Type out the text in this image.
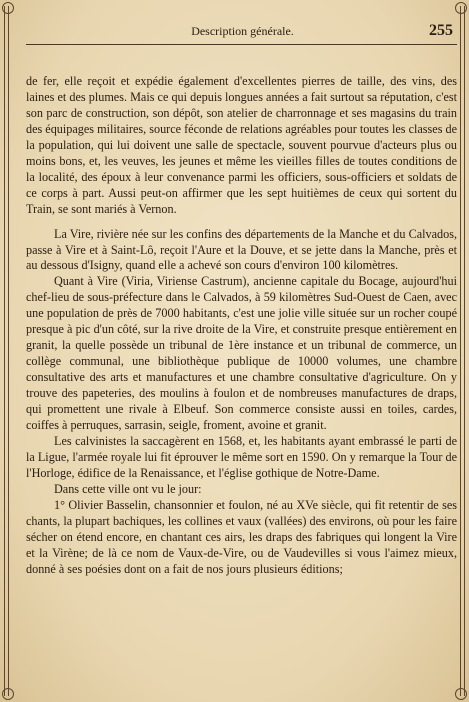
Description générale.	255

de fer, elle reçoit et expédie également d'excellentes pierres de taille, des vins, des laines et des plumes. Mais ce qui depuis longues années a fait surtout sa réputation, c'est son parc de construction, son dépôt, son atelier de charronnage et ses magasins du train des équipages militaires, source féconde de relations agréables pour toutes les classes de la population, qui lui doivent une salle de spectacle, souvent pourvue d'acteurs plus ou moins bons, et, les veuves, les jeunes et même les vieilles filles de toutes conditions de la localité, des époux à leur convenance parmi les officiers, sous-officiers et soldats de ce corps à part. Aussi peut-on affirmer que les sept huitièmes de ceux qui sortent du Train, se sont mariés à Vernon.

La Vire, rivière née sur les confins des départements de la Manche et du Calvados, passe à Vire et à Saint-Lô, reçoit l'Aure et la Douve, et se jette dans la Manche, près et au dessous d'Isigny, quand elle a achevé son cours d'environ 100 kilomètres.

Quant à Vire (Viria, Viriense Castrum), ancienne capitale du Bocage, aujourd'hui chef-lieu de sous-préfecture dans le Calvados, à 59 kilomètres Sud-Ouest de Caen, avec une population de près de 7000 habitants, c'est une jolie ville située sur un rocher coupé presque à pic d'un côté, sur la rive droite de la Vire, et construite presque entièrement en granit, la quelle possède un tribunal de 1ère instance et un tribunal de commerce, un collège communal, une bibliothèque publique de 10000 volumes, une chambre consultative des arts et manufactures et une chambre consultative d'agriculture. On y trouve des papeteries, des moulins à foulon et de nombreuses manufactures de draps, qui promettent une rivale à Elbeuf. Son commerce consiste aussi en toiles, cardes, coiffes à perruques, sarrasin, seigle, froment, avoine et granit.

Les calvinistes la saccagèrent en 1568, et, les habitants ayant embrassé le parti de la Ligue, l'armée royale lui fit éprouver le même sort en 1590. On y remarque la Tour de l'Horloge, édifice de la Renaissance, et l'église gothique de Notre-Dame.

Dans cette ville ont vu le jour:

1° Olivier Basselin, chansonnier et foulon, né au XVe siècle, qui fit retentir de ses chants, la plupart bachiques, les collines et vaux (vallées) des environs, où pour les faire sécher on étend encore, en chantant ces airs, les draps des fabriques qui longent la Vire et la Virène; de là ce nom de Vaux-de-Vire, ou de Vaudevilles si vous l'aimez mieux, donné à ses poésies dont on a fait de nos jours plusieurs éditions;
